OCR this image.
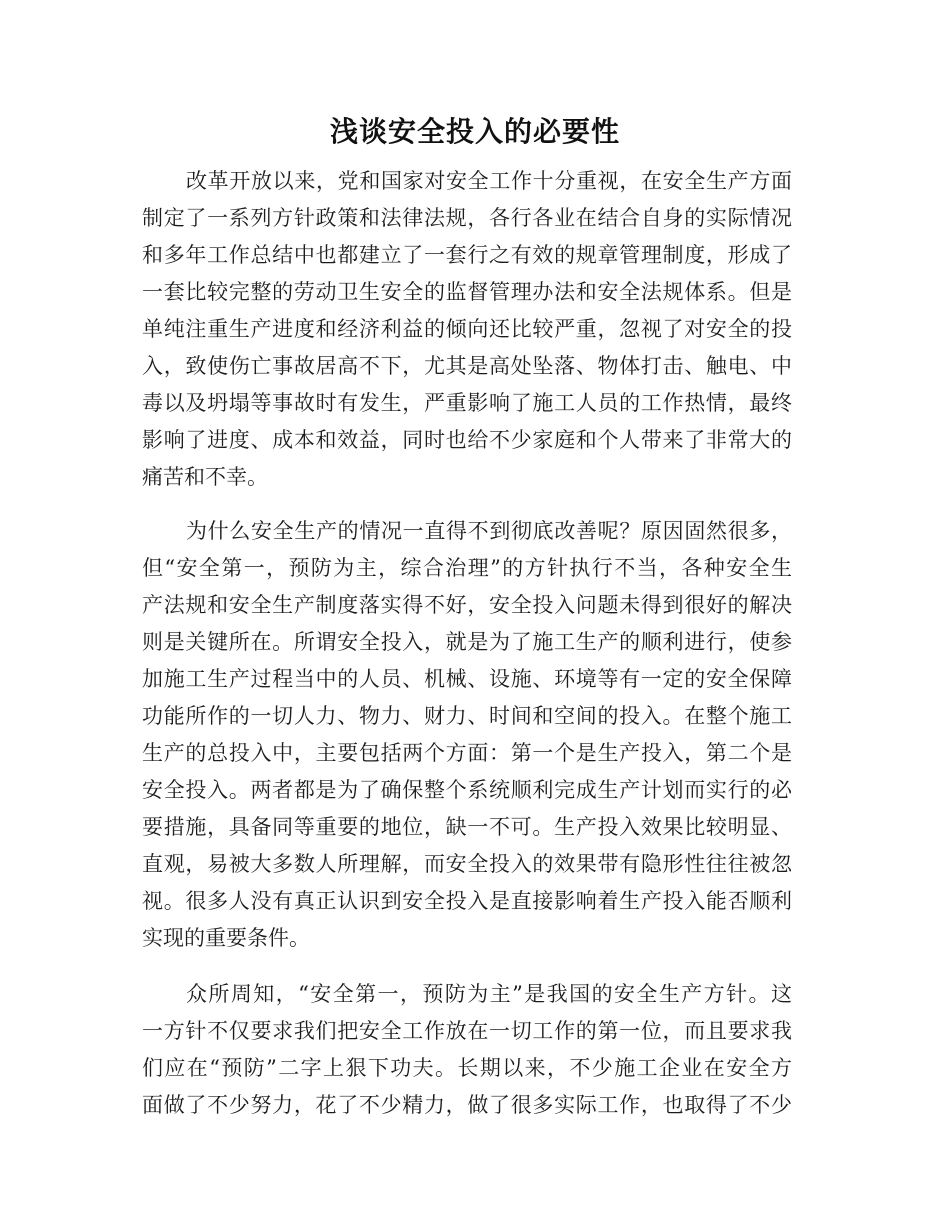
浅谈安全投入的必要性
改革开放以来，党和国家对安全工作十分重视，在安全生产方面
制定了一系列方针政策和法律法规，各行各业在结合自身的实际情况
和多年工作总结中也都建立了一套行之有效的规章管理制度，形成了
一套比较完整的劳动卫生安全的监督管理办法和安全法规体系。但是
单纯注重生产进度和经济利益的倾向还比较严重，忽视了对安全的投
入，致使伤亡事故居高不下，尤其是高处坠落、物体打击、触电、中
毒以及坍塌等事故时有发生，严重影响了施工人员的工作热情，最终
影响了进度、成本和效益，同时也给不少家庭和个人带来了非常大的
痛苦和不幸。
为什么安全生产的情况一直得不到彻底改善呢？原因固然很多，
但“安全第一，预防为主，综合治理”的方针执行不当，各种安全生
产法规和安全生产制度落实得不好，安全投入问题未得到很好的解决
则是关键所在。所谓安全投入，就是为了施工生产的顺利进行，使参
加施工生产过程当中的人员、机械、设施、环境等有一定的安全保障
功能所作的一切人力、物力、财力、时间和空间的投入。在整个施工
生产的总投入中，主要包括两个方面：第一个是生产投入，第二个是
安全投入。两者都是为了确保整个系统顺利完成生产计划而实行的必
要措施，具备同等重要的地位，缺一不可。生产投入效果比较明显、
直观，易被大多数人所理解，而安全投入的效果带有隐形性往往被忽
视。很多人没有真正认识到安全投入是直接影响着生产投入能否顺利
实现的重要条件。
众所周知，“安全第一，预防为主”是我国的安全生产方针。这
一方针不仅要求我们把安全工作放在一切工作的第一位，而且要求我
们应在“预防”二字上狠下功夫。长期以来，不少施工企业在安全方
面做了不少努力，花了不少精力，做了很多实际工作，也取得了不少
